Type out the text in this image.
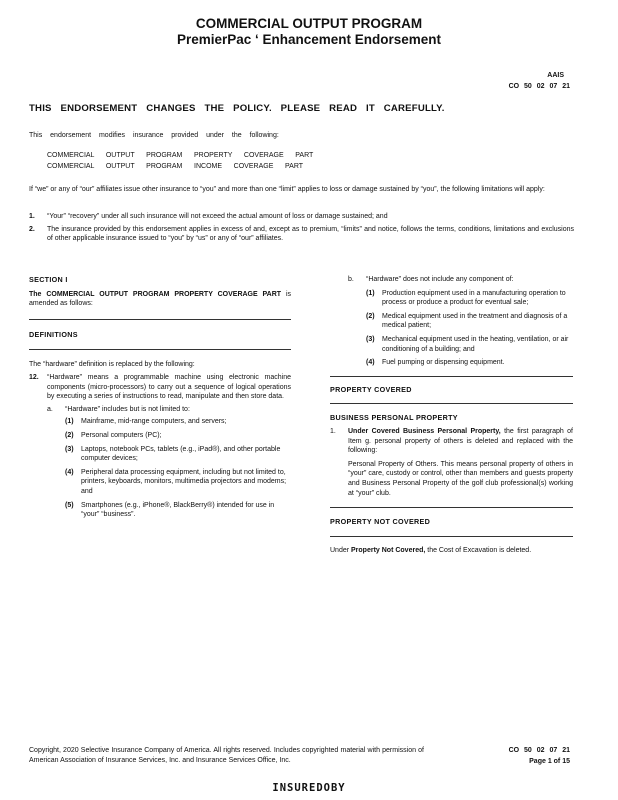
COMMERCIAL OUTPUT PROGRAM
PremierPac ‘ Enhancement Endorsement
AAIS
CO 50 02 07 21
THIS ENDORSEMENT CHANGES THE POLICY. PLEASE READ IT CAREFULLY.
This endorsement modifies insurance provided under the following:
COMMERCIAL      OUTPUT      PROGRAM      PROPERTY      COVERAGE      PART
COMMERCIAL      OUTPUT      PROGRAM      INCOME      COVERAGE      PART
If “we” or any of “our” affiliates issue other insurance to “you” and more than one “limit” applies to loss or damage sustained by “you”, the following limitations will apply:
1. “Your” “recovery” under all such insurance will not exceed the actual amount of loss or damage sustained; and
2. The insurance provided by this endorsement applies in excess of and, except as to premium, “limits” and notice, follows the terms, conditions, limitations and exclusions of other applicable insurance issued to “you” by “us” or any of “our” affiliates.
SECTION I
The COMMERCIAL OUTPUT PROGRAM PROPERTY COVERAGE PART is amended as follows:
DEFINITIONS
The “hardware” definition is replaced by the following:
12. “Hardware” means a programmable machine using electronic machine components (micro-processors) to carry out a sequence of logical operations by executing a series of instructions to read, manipulate and then store data.
a. “Hardware” includes but is not limited to:
(1) Mainframe, mid-range computers, and servers;
(2) Personal computers (PC);
(3) Laptops, notebook PCs, tablets (e.g., iPad®), and other portable computer devices;
(4) Peripheral data processing equipment, including but not limited to, printers, keyboards, monitors, multimedia projectors and modems; and
(5) Smartphones (e.g., iPhone®, BlackBerry®) intended for use in “your” “business”.
b. “Hardware” does not include any component of:
(1) Production equipment used in a manufacturing operation to process or produce a product for eventual sale;
(2) Medical equipment used in the treatment and diagnosis of a medical patient;
(3) Mechanical equipment used in the heating, ventilation, or air conditioning of a building; and
(4) Fuel pumping or dispensing equipment.
PROPERTY COVERED
BUSINESS PERSONAL PROPERTY
1. Under Covered Business Personal Property, the first paragraph of Item g. personal property of others is deleted and replaced with the following:
Personal Property of Others. This means personal property of others in “your” care, custody or control, other than members and guests property and Business Personal Property of the golf club professional(s) working at “your” club.
PROPERTY NOT COVERED
Under Property Not Covered, the Cost of Excavation is deleted.
Copyright, 2020 Selective Insurance Company of America. All rights reserved. Includes copyrighted material with permission of American Association of Insurance Services, Inc. and Insurance Services Office, Inc.
CO 50 02 07 21
Page 1 of 15
INSUREDOBY
